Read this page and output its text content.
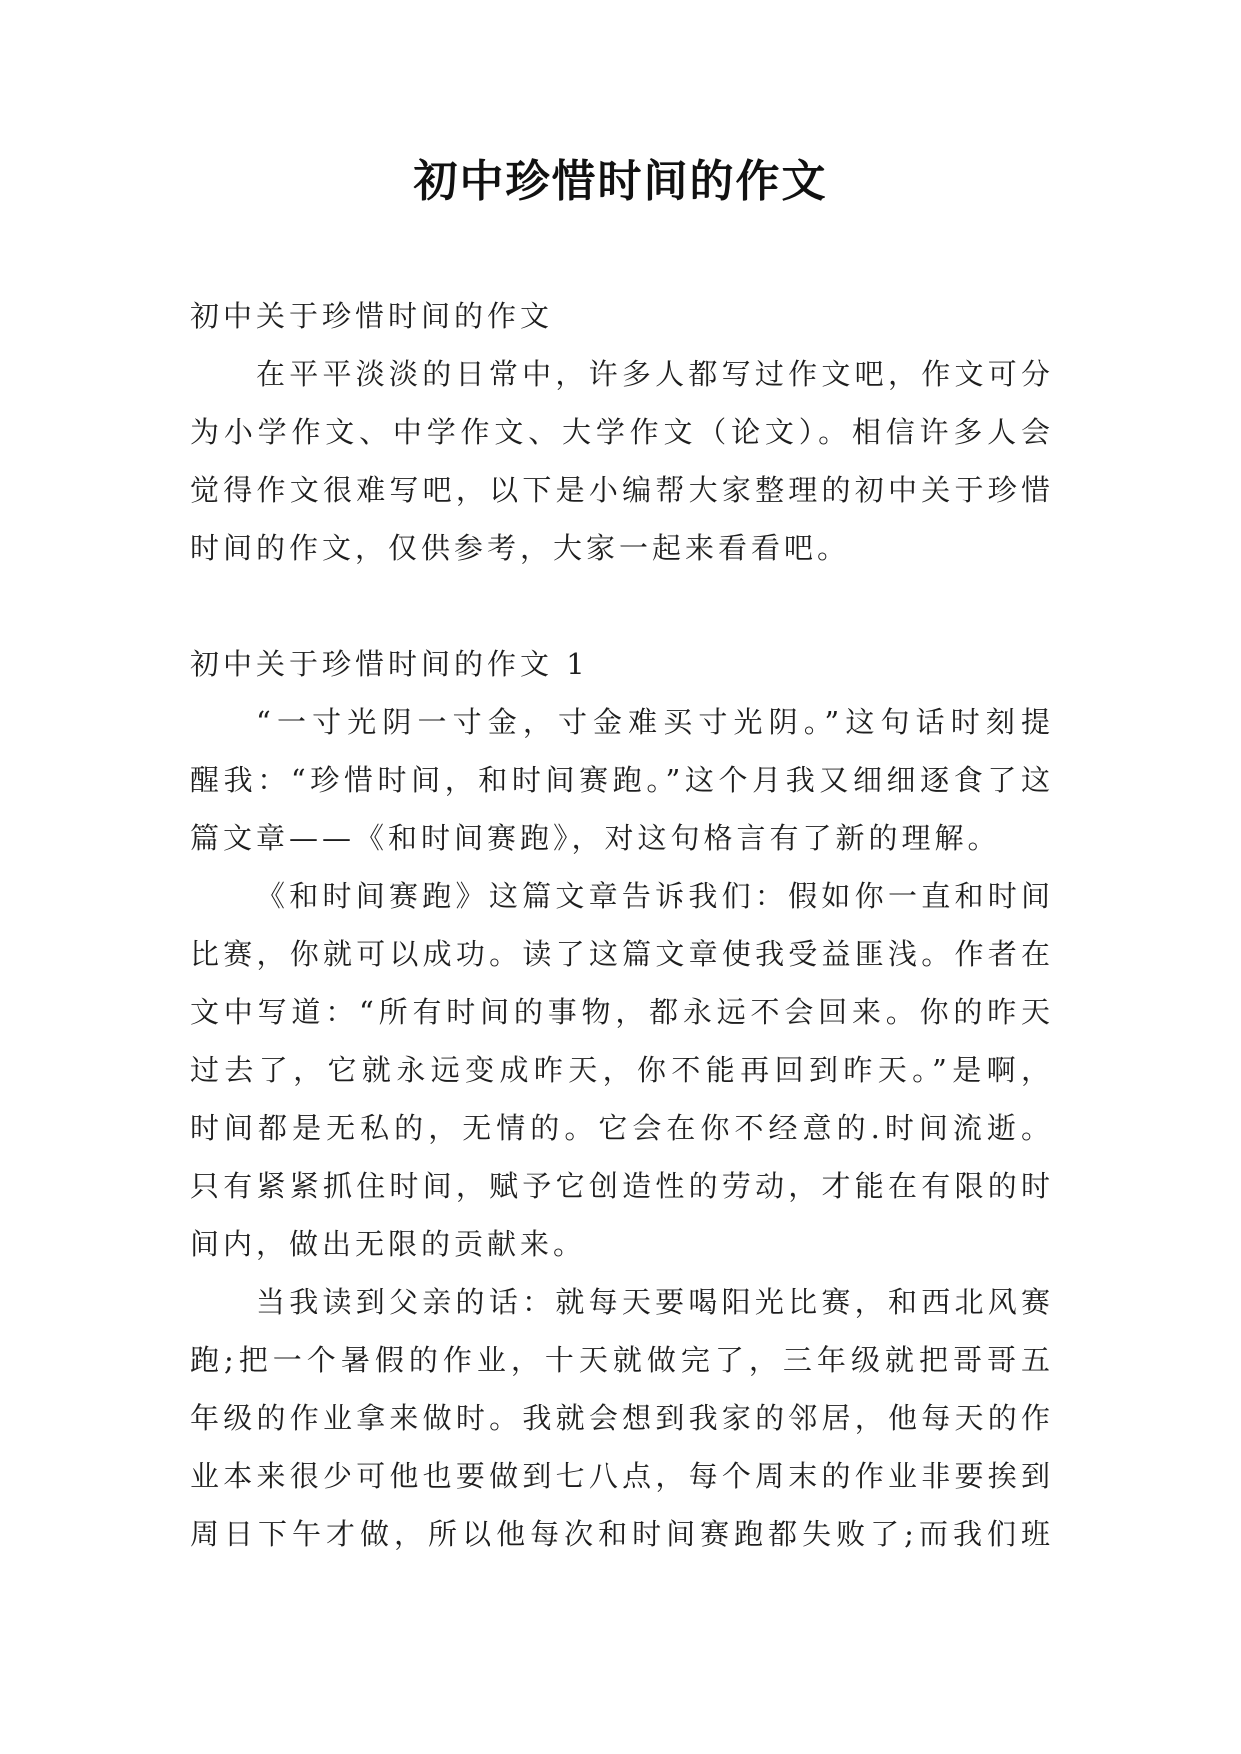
初中珍惜时间的作文
初中关于珍惜时间的作文
在平平淡淡的日常中，许多人都写过作文吧，作文可分
为小学作文、中学作文、大学作文（论文）。相信许多人会
觉得作文很难写吧，以下是小编帮大家整理的初中关于珍惜
时间的作文，仅供参考，大家一起来看看吧。
初中关于珍惜时间的作文 1
“一寸光阴一寸金，寸金难买寸光阴。”这句话时刻提
醒我：“珍惜时间，和时间赛跑。”这个月我又细细逐食了这
篇文章——《和时间赛跑》，对这句格言有了新的理解。
《和时间赛跑》这篇文章告诉我们：假如你一直和时间
比赛，你就可以成功。读了这篇文章使我受益匪浅。作者在
文中写道：“所有时间的事物，都永远不会回来。你的昨天
过去了，它就永远变成昨天，你不能再回到昨天。”是啊，
时间都是无私的，无情的。它会在你不经意的.时间流逝。
只有紧紧抓住时间，赋予它创造性的劳动，才能在有限的时
间内，做出无限的贡献来。
当我读到父亲的话：就每天要喝阳光比赛，和西北风赛
跑;把一个暑假的作业，十天就做完了，三年级就把哥哥五
年级的作业拿来做时。我就会想到我家的邻居，他每天的作
业本来很少可他也要做到七八点，每个周末的作业非要挨到
周日下午才做，所以他每次和时间赛跑都失败了;而我们班
